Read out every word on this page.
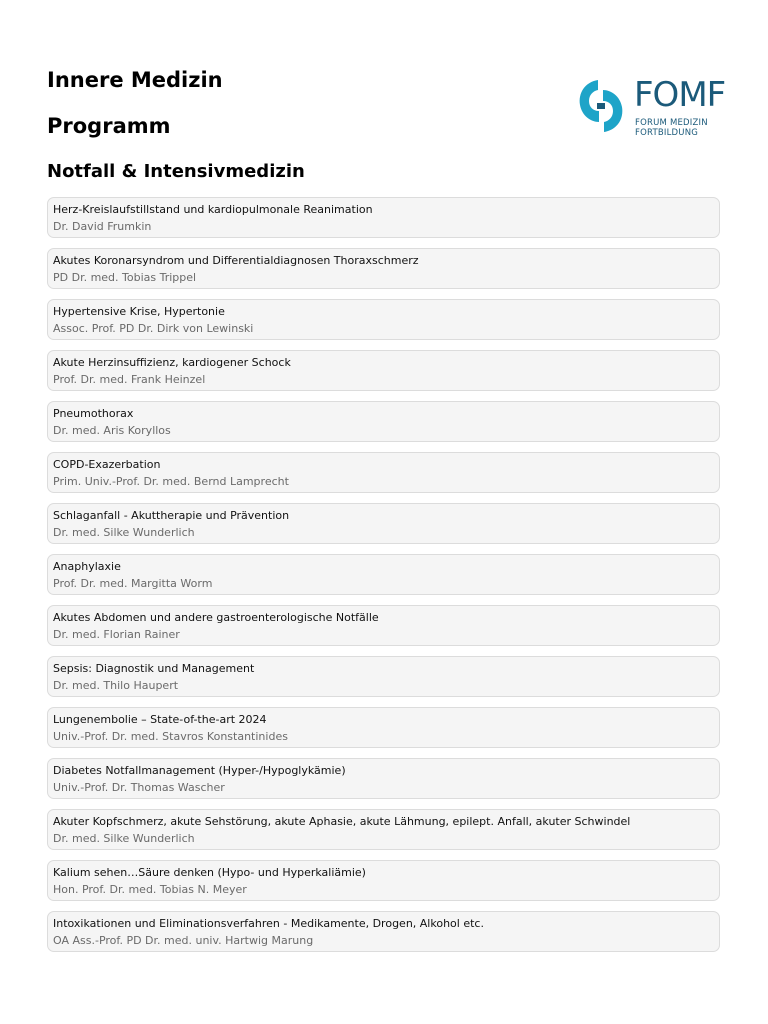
Innere Medizin
Programm
Notfall & Intensivmedizin
FOMF
FORUM MEDIZIN
FORTBILDUNG
Herz-Kreislaufstillstand und kardiopulmonale Reanimation
Dr. David Frumkin
Akutes Koronarsyndrom und Differentialdiagnosen Thoraxschmerz
PD Dr. med. Tobias Trippel
Hypertensive Krise, Hypertonie
Assoc. Prof. PD Dr. Dirk von Lewinski
Akute Herzinsuffizienz, kardiogener Schock
Prof. Dr. med. Frank Heinzel
Pneumothorax
Dr. med. Aris Koryllos
COPD-Exazerbation
Prim. Univ.-Prof. Dr. med. Bernd Lamprecht
Schlaganfall - Akuttherapie und Prävention
Dr. med. Silke Wunderlich
Anaphylaxie
Prof. Dr. med. Margitta Worm
Akutes Abdomen und andere gastroenterologische Notfälle
Dr. med. Florian Rainer
Sepsis: Diagnostik und Management
Dr. med. Thilo Haupert
Lungenembolie – State-of-the-art 2024
Univ.-Prof. Dr. med. Stavros Konstantinides
Diabetes Notfallmanagement (Hyper-/Hypoglykämie)
Univ.-Prof. Dr. Thomas Wascher
Akuter Kopfschmerz, akute Sehstörung, akute Aphasie, akute Lähmung, epilept. Anfall, akuter Schwindel
Dr. med. Silke Wunderlich
Kalium sehen…Säure denken (Hypo- und Hyperkaliämie)
Hon. Prof. Dr. med. Tobias N. Meyer
Intoxikationen und Eliminationsverfahren - Medikamente, Drogen, Alkohol etc.
OA Ass.-Prof. PD Dr. med. univ. Hartwig Marung
